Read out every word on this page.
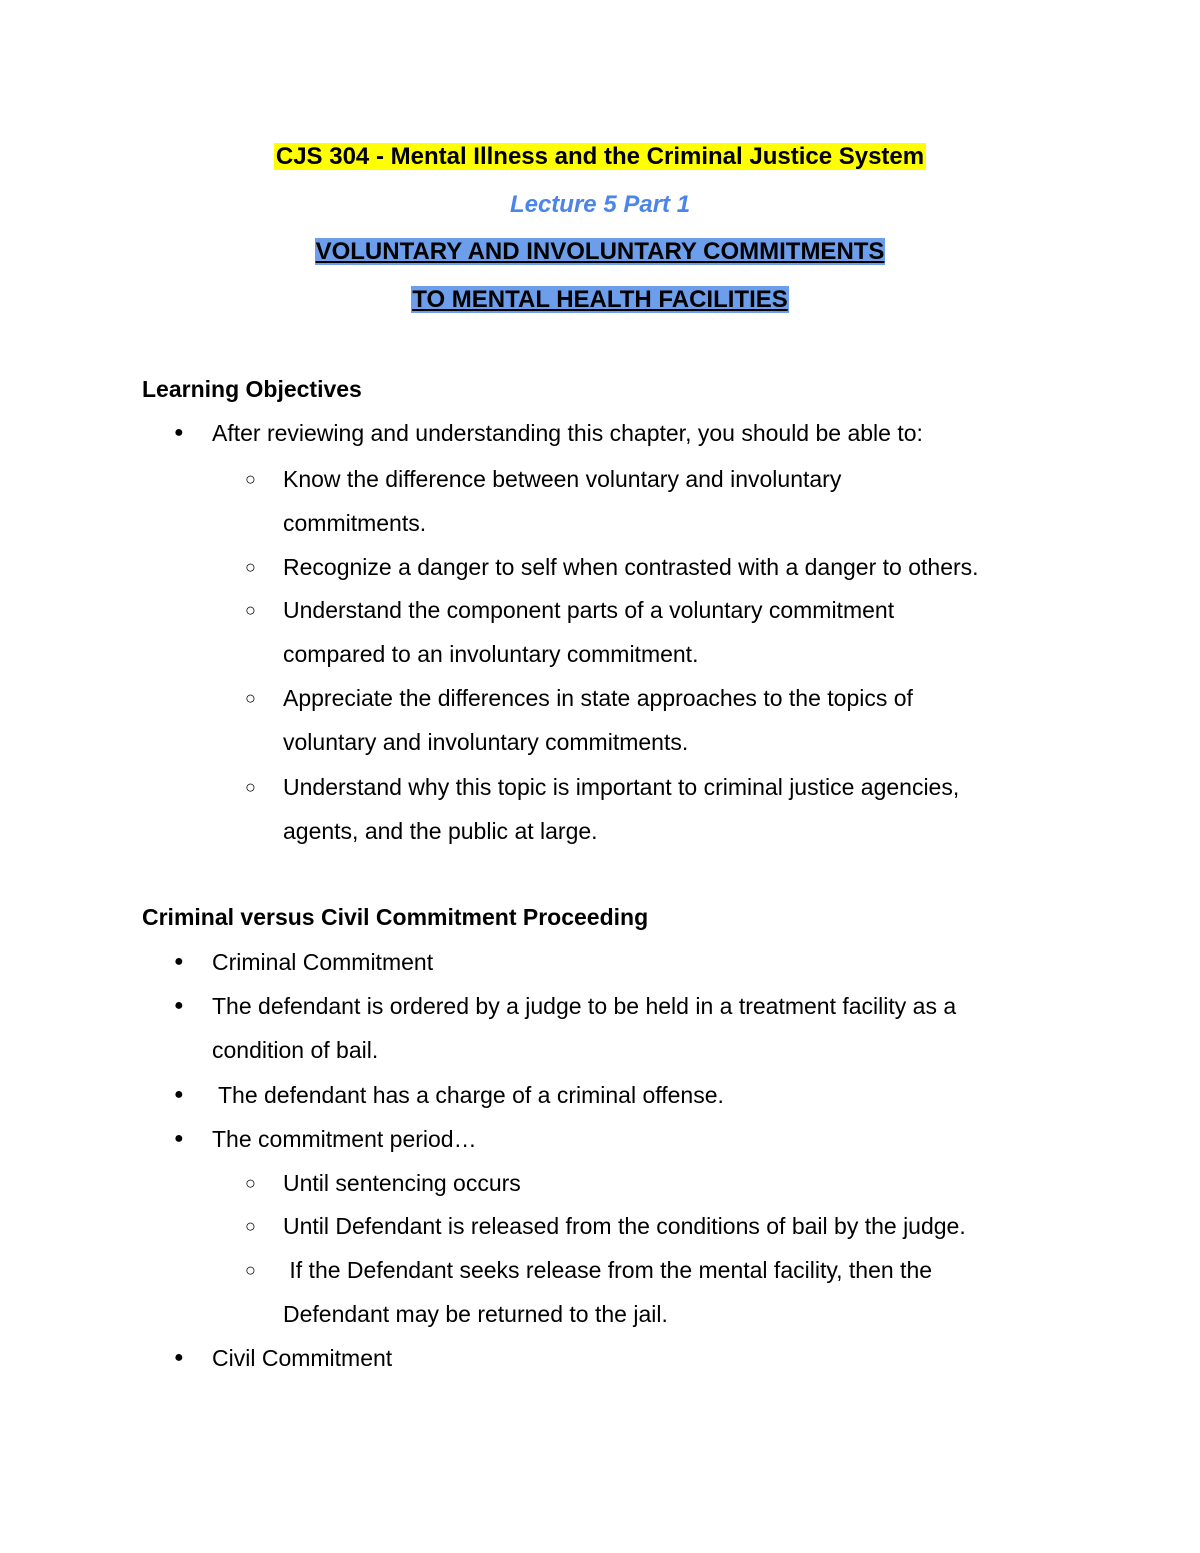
CJS 304 - Mental Illness and the Criminal Justice System
Lecture 5 Part 1
VOLUNTARY AND INVOLUNTARY COMMITMENTS
TO MENTAL HEALTH FACILITIES
Learning Objectives
● After reviewing and understanding this chapter, you should be able to:
○ Know the difference between voluntary and involuntary
commitments.
○ Recognize a danger to self when contrasted with a danger to others.
○ Understand the component parts of a voluntary commitment
compared to an involuntary commitment.
○ Appreciate the differences in state approaches to the topics of
voluntary and involuntary commitments.
○ Understand why this topic is important to criminal justice agencies,
agents, and the public at large.
Criminal versus Civil Commitment Proceeding
● Criminal Commitment
● The defendant is ordered by a judge to be held in a treatment facility as a
condition of bail.
● The defendant has a charge of a criminal offense.
● The commitment period…
○ Until sentencing occurs
○ Until Defendant is released from the conditions of bail by the judge.
○ If the Defendant seeks release from the mental facility, then the
Defendant may be returned to the jail.
● Civil Commitment
